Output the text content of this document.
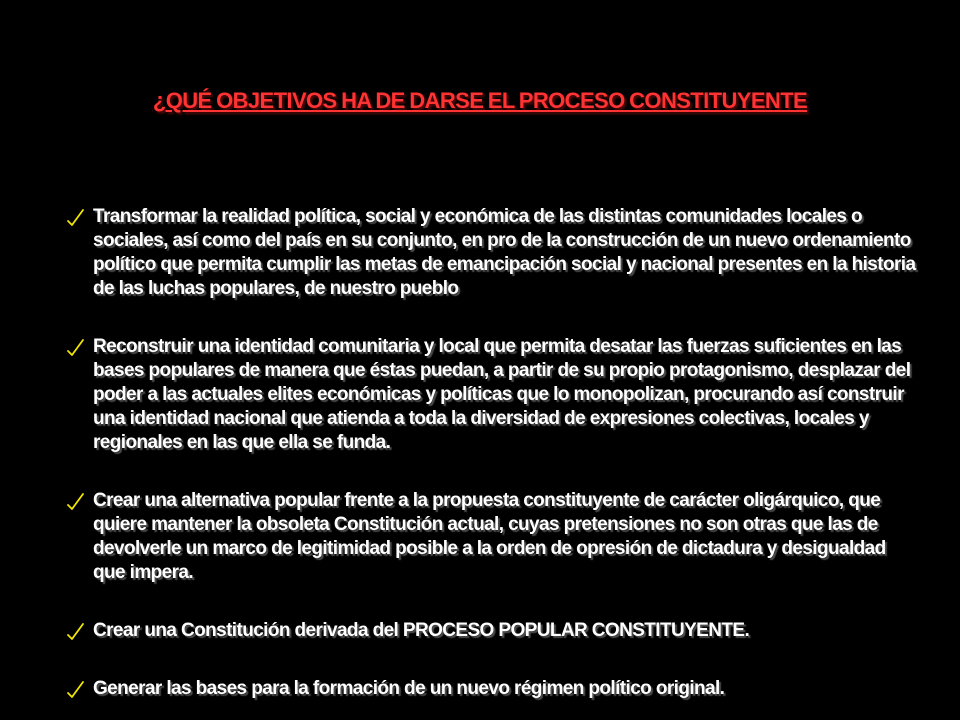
¿QUÉ OBJETIVOS HA DE DARSE EL PROCESO CONSTITUYENTE
Transformar la realidad política, social y económica de las distintas comunidades locales o sociales, así como del país en su conjunto, en pro de la construcción de un nuevo ordenamiento político que permita cumplir las metas de emancipación social y nacional presentes en la historia de las luchas populares, de nuestro pueblo
Reconstruir una identidad comunitaria y local que permita desatar las fuerzas suficientes en las bases populares de manera que éstas puedan, a partir de su propio protagonismo, desplazar del poder a las actuales elites económicas y políticas que lo monopolizan, procurando así construir una identidad nacional que atienda a toda la diversidad de expresiones colectivas, locales y regionales en las que ella se funda.
Crear una alternativa popular frente a la propuesta constituyente de carácter oligárquico, que quiere mantener la obsoleta Constitución actual, cuyas pretensiones no son otras que las de devolverle un marco de legitimidad posible a la orden de opresión de dictadura y desigualdad que impera.
Crear una Constitución derivada del PROCESO POPULAR CONSTITUYENTE.
Generar las bases para la formación de un nuevo régimen político original.
